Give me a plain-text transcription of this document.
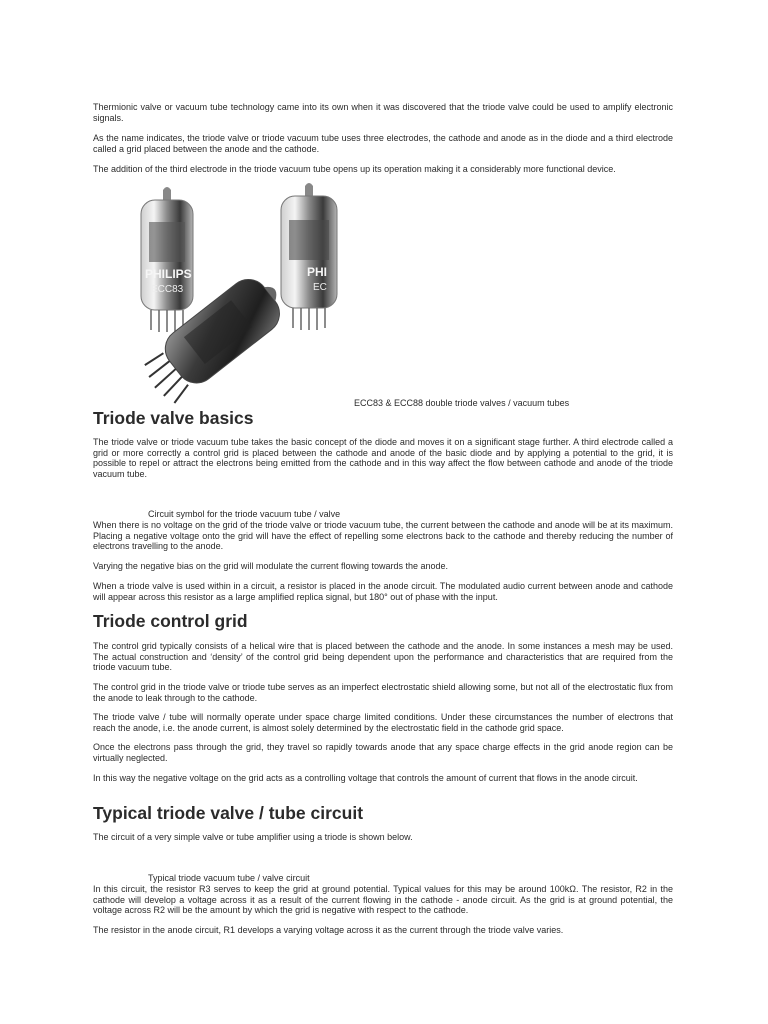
Thermionic valve or vacuum tube technology came into its own when it was discovered that the triode valve could be used to amplify electronic signals.

As the name indicates, the triode valve or triode vacuum tube uses three electrodes, the cathode and anode as in the diode and a third electrode called a grid placed between the anode and the cathode.

The addition of the third electrode in the triode vacuum tube opens up its operation making it a considerably more functional device.

PHILIPS
ECC83
PHI
EC

ECC83 & ECC88 double triode valves / vacuum tubes

Triode valve basics

The triode valve or triode vacuum tube takes the basic concept of the diode and moves it on a significant stage further. A third electrode called a grid or more correctly a control grid is placed between the cathode and anode of the basic diode and by applying a potential to the grid, it is possible to repel or attract the electrons being emitted from the cathode and in this way affect the flow between cathode and anode of the triode vacuum tube.

Circuit symbol for the triode vacuum tube / valve

When there is no voltage on the grid of the triode valve or triode vacuum tube, the current between the cathode and anode will be at its maximum. Placing a negative voltage onto the grid will have the effect of repelling some electrons back to the cathode and thereby reducing the number of electrons travelling to the anode.

Varying the negative bias on the grid will modulate the current flowing towards the anode.

When a triode valve is used within in a circuit, a resistor is placed in the anode circuit. The modulated audio current between anode and cathode will appear across this resistor as a large amplified replica signal, but 180° out of phase with the input.

Triode control grid

The control grid typically consists of a helical wire that is placed between the cathode and the anode. In some instances a mesh may be used. The actual construction and ‘density’ of the control grid being dependent upon the performance and characteristics that are required from the triode vacuum tube.

The control grid in the triode valve or triode tube serves as an imperfect electrostatic shield allowing some, but not all of the electrostatic flux from the anode to leak through to the cathode.

The triode valve / tube will normally operate under space charge limited conditions. Under these circumstances the number of electrons that reach the anode, i.e. the anode current, is almost solely determined by the electrostatic field in the cathode grid space.

Once the electrons pass through the grid, they travel so rapidly towards anode that any space charge effects in the grid anode region can be virtually neglected.

In this way the negative voltage on the grid acts as a controlling voltage that controls the amount of current that flows in the anode circuit.

Typical triode valve / tube circuit

The circuit of a very simple valve or tube amplifier using a triode is shown below.

Typical triode vacuum tube / valve circuit

In this circuit, the resistor R3 serves to keep the grid at ground potential. Typical values for this may be around 100kΩ. The resistor, R2 in the cathode will develop a voltage across it as a result of the current flowing in the cathode - anode circuit. As the grid is at ground potential, the voltage across R2 will be the amount by which the grid is negative with respect to the cathode.

The resistor in the anode circuit, R1 develops a varying voltage across it as the current through the triode valve varies.
